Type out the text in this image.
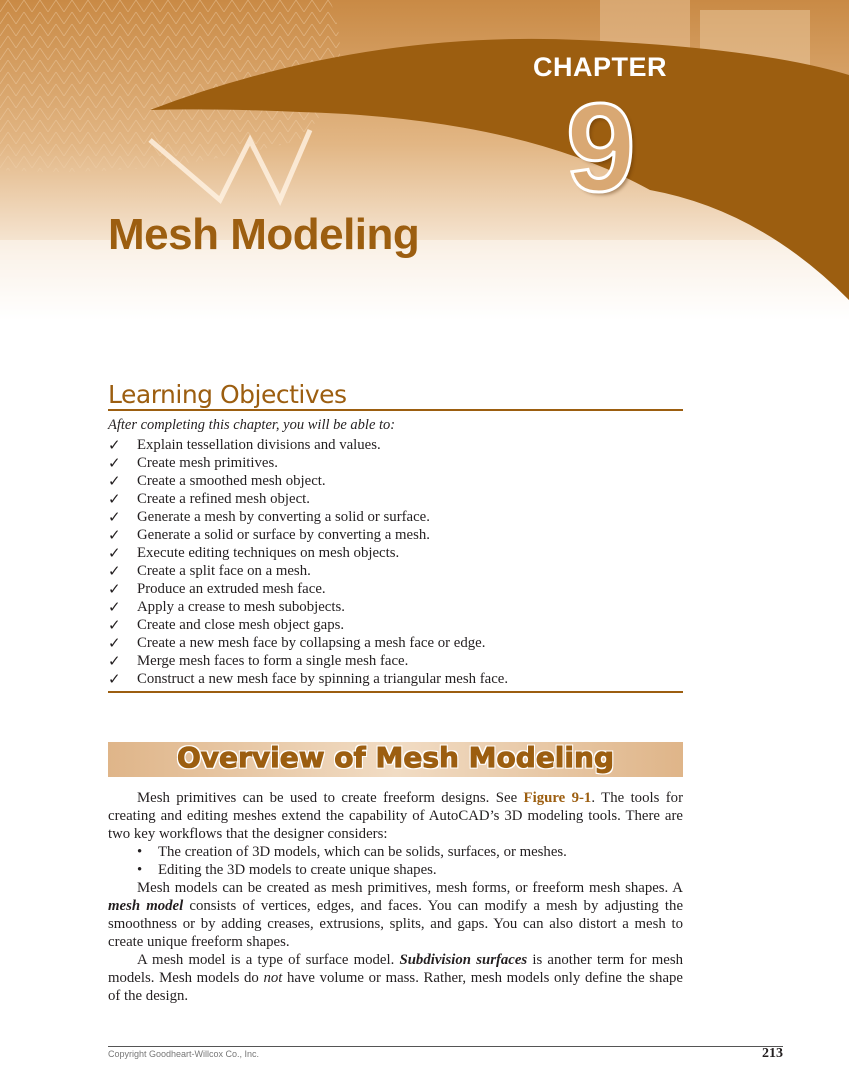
CHAPTER
9
Mesh Modeling
Learning Objectives
After completing this chapter, you will be able to:
✓ Explain tessellation divisions and values.
✓ Create mesh primitives.
✓ Create a smoothed mesh object.
✓ Create a refined mesh object.
✓ Generate a mesh by converting a solid or surface.
✓ Generate a solid or surface by converting a mesh.
✓ Execute editing techniques on mesh objects.
✓ Create a split face on a mesh.
✓ Produce an extruded mesh face.
✓ Apply a crease to mesh subobjects.
✓ Create and close mesh object gaps.
✓ Create a new mesh face by collapsing a mesh face or edge.
✓ Merge mesh faces to form a single mesh face.
✓ Construct a new mesh face by spinning a triangular mesh face.
Overview of Mesh Modeling

Mesh primitives can be used to create freeform designs. See Figure 9-1. The tools for creating and editing meshes extend the capability of AutoCAD’s 3D modeling tools. There are two key workflows that the designer considers:

• The creation of 3D models, which can be solids, surfaces, or meshes.
• Editing the 3D models to create unique shapes.

Mesh models can be created as mesh primitives, mesh forms, or freeform mesh shapes. A mesh model consists of vertices, edges, and faces. You can modify a mesh by adjusting the smoothness or by adding creases, extrusions, splits, and gaps. You can also distort a mesh to create unique freeform shapes.

A mesh model is a type of surface model. Subdivision surfaces is another term for mesh models. Mesh models do not have volume or mass. Rather, mesh models only define the shape of the design.

Copyright Goodheart-Willcox Co., Inc.	213
